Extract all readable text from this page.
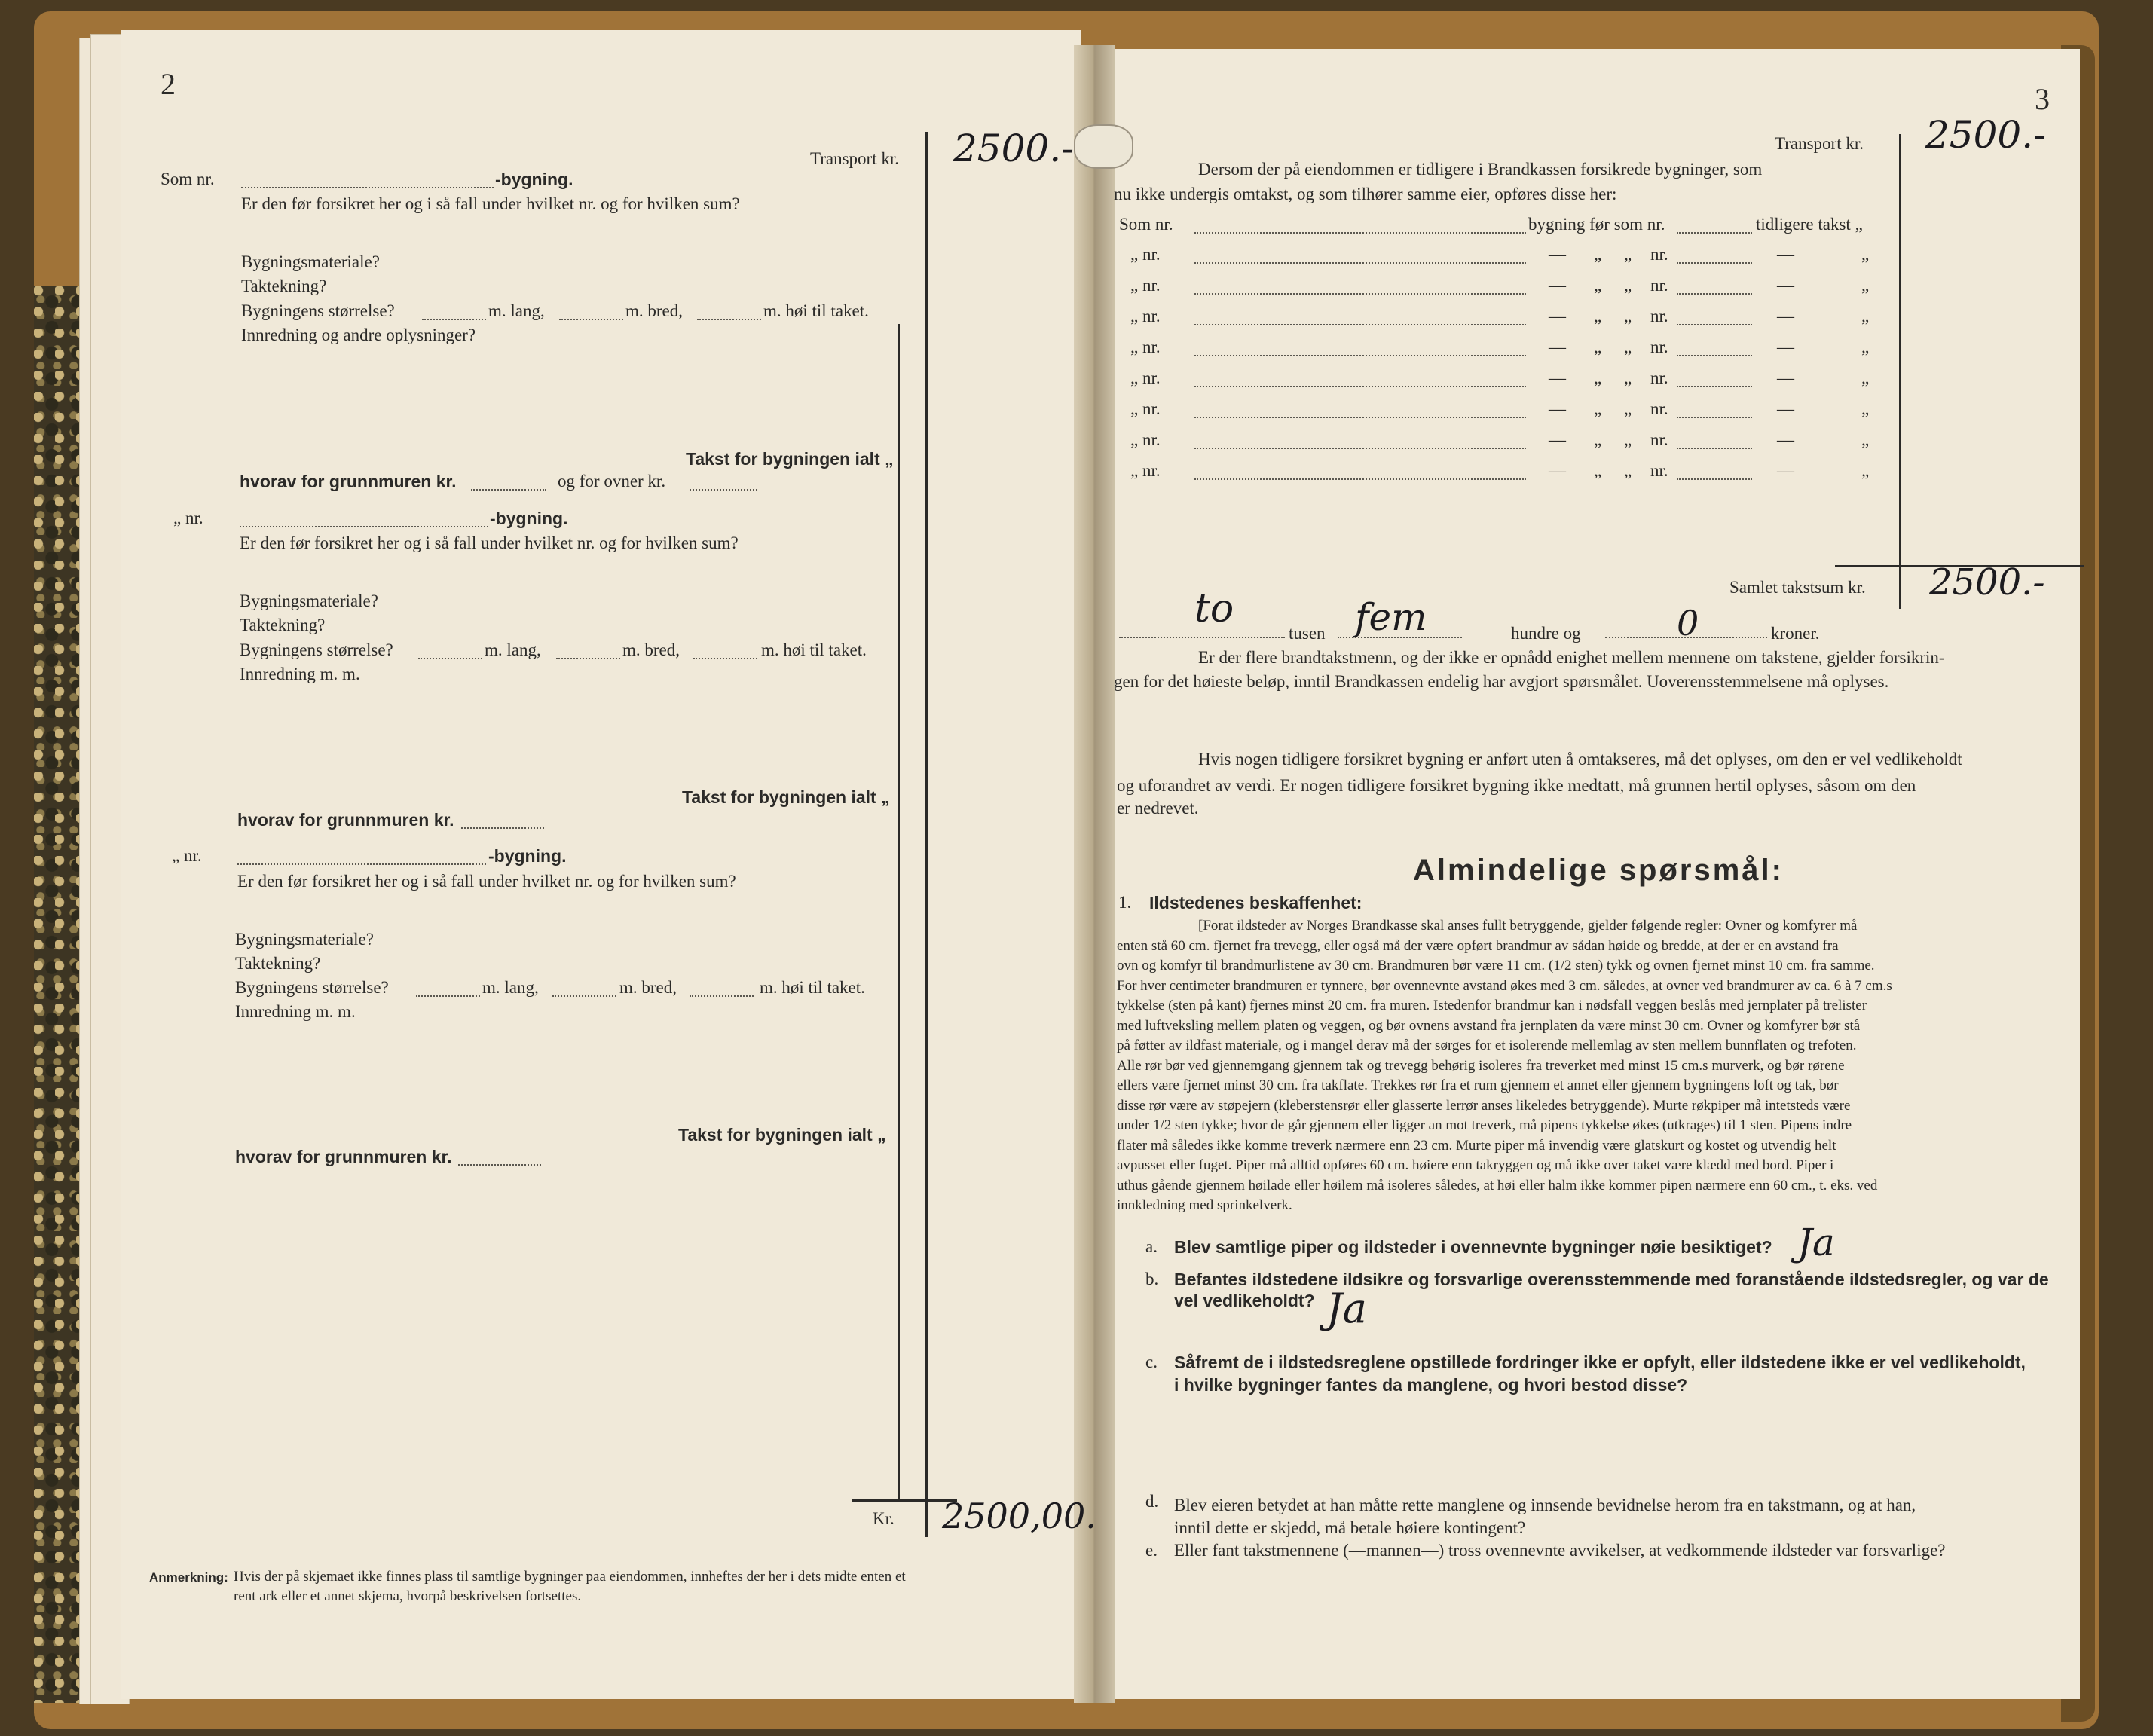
2
Transport kr. 2500.-
Som nr.	-bygning.
Er den før forsikret her og i så fall under hvilket nr. og for hvilken sum?
Bygningsmateriale?
Taktekning?
Bygningens størrelse?	m. lang,	m. bred,	m. høi til taket.
Innredning og andre oplysninger?
Takst for bygningen ialt „
hvorav for grunnmuren kr.	og for ovner kr.
„ nr.	-bygning.
Er den før forsikret her og i så fall under hvilket nr. og for hvilken sum?
Bygningsmateriale?
Taktekning?
Bygningens størrelse?	m. lang,	m. bred,	m. høi til taket.
Innredning m. m.
Takst for bygningen ialt „
hvorav for grunnmuren kr.
„ nr.	-bygning.
Er den før forsikret her og i så fall under hvilket nr. og for hvilken sum?
Bygningsmateriale?
Taktekning?
Bygningens størrelse?	m. lang,	m. bred,	m. høi til taket.
Innredning m. m.
Takst for bygningen ialt „
hvorav for grunnmuren kr.
Kr. 2500,00.
Anmerkning: Hvis der på skjemaet ikke finnes plass til samtlige bygninger paa eiendommen, innheftes der her i dets midte enten et
rent ark eller et annet skjema, hvorpå beskrivelsen fortsettes.
3
Transport kr. 2500.-
Dersom der på eiendommen er tidligere i Brandkassen forsikrede bygninger, som
nu ikke undergis omtakst, og som tilhører samme eier, opføres disse her:
Som nr.	bygning før som nr.	tidligere takst „
„ nr.	— „ „ nr.	—	„
„ nr.	— „ „ nr.	—	„
„ nr.	— „ „ nr.	—	„
„ nr.	— „ „ nr.	—	„
„ nr.	— „ „ nr.	—	„
„ nr.	— „ „ nr.	—	„
„ nr.	— „ „ nr.	—	„
„ nr.	— „ „ nr.	—	„
Samlet takstsum kr. 2500.-
to
tusen fem	hundre og	0	kroner.
Er der flere brandtakstmenn, og der ikke er opnådd enighet mellem mennene om takstene, gjelder forsikrin-
gen for det høieste beløp, inntil Brandkassen endelig har avgjort spørsmålet. Uoverensstemmelsene må oplyses.
Hvis nogen tidligere forsikret bygning er anført uten å omtakseres, må det oplyses, om den er vel vedlikeholdt
og uforandret av verdi. Er nogen tidligere forsikret bygning ikke medtatt, må grunnen hertil oplyses, såsom om den
er nedrevet.
Almindelige spørsmål:
1. Ildstedenes beskaffenhet:
[Forat ildsteder av Norges Brandkasse skal anses fullt betryggende, gjelder følgende regler: Ovner og komfyrer må
enten stå 60 cm. fjernet fra trevegg, eller også må der være opført brandmur av sådan høide og bredde, at der er en avstand fra
ovn og komfyr til brandmurlistene av 30 cm. Brandmuren bør være 11 cm. (1/2 sten) tykk og ovnen fjernet minst 10 cm. fra samme.
For hver centimeter brandmuren er tynnere, bør ovennevnte avstand økes med 3 cm. således, at ovner ved brandmurer av ca. 6 à 7 cm.s
tykkelse (sten på kant) fjernes minst 20 cm. fra muren. Istedenfor brandmur kan i nødsfall veggen beslås med jernplater på trelister
med luftveksling mellem platen og veggen, og bør ovnens avstand fra jernplaten da være minst 30 cm. Ovner og komfyrer bør stå
på føtter av ildfast materiale, og i mangel derav må der sørges for et isolerende mellemlag av sten mellem bunnflaten og trefoten.
Alle rør bør ved gjennemgang gjennem tak og trevegg behørig isoleres fra treverket med minst 15 cm.s murverk, og bør rørene
ellers være fjernet minst 30 cm. fra takflate. Trekkes rør fra et rum gjennem et annet eller gjennem bygningens loft og tak, bør
disse rør være av støpejern (kleberstensrør eller glasserte lerrør anses likeledes betryggende). Murte røkpiper må intetsteds være
under 1/2 sten tykke; hvor de går gjennem eller ligger an mot treverk, må pipens tykkelse økes (utkrages) til 1 sten. Pipens indre
flater må således ikke komme treverk nærmere enn 23 cm. Murte piper må invendig være glatskurt og kostet og utvendig helt
avpusset eller fuget. Piper må alltid opføres 60 cm. høiere enn takryggen og må ikke over taket være klædd med bord. Piper i
uthus gående gjennem høilade eller høilem må isoleres således, at høi eller halm ikke kommer pipen nærmere enn 60 cm., t. eks. ved
innkledning med sprinkelverk.
a. Blev samtlige piper og ildsteder i ovennevnte bygninger nøie besiktiget? Ja
b. Befantes ildstedene ildsikre og forsvarlige overensstemmende med foranstående ildstedsregler, og var de
vel vedlikeholdt? Ja
c. Såfremt de i ildstedsreglene opstillede fordringer ikke er opfylt, eller ildstedene ikke er vel vedlikeholdt,
i hvilke bygninger fantes da manglene, og hvori bestod disse?
d. Blev eieren betydet at han måtte rette manglene og innsende bevidnelse herom fra en takstmann, og at han,
inntil dette er skjedd, må betale høiere kontingent?
e. Eller fant takstmennene (—mannen—) tross ovennevnte avvikelser, at vedkommende ildsteder var forsvarlige?
